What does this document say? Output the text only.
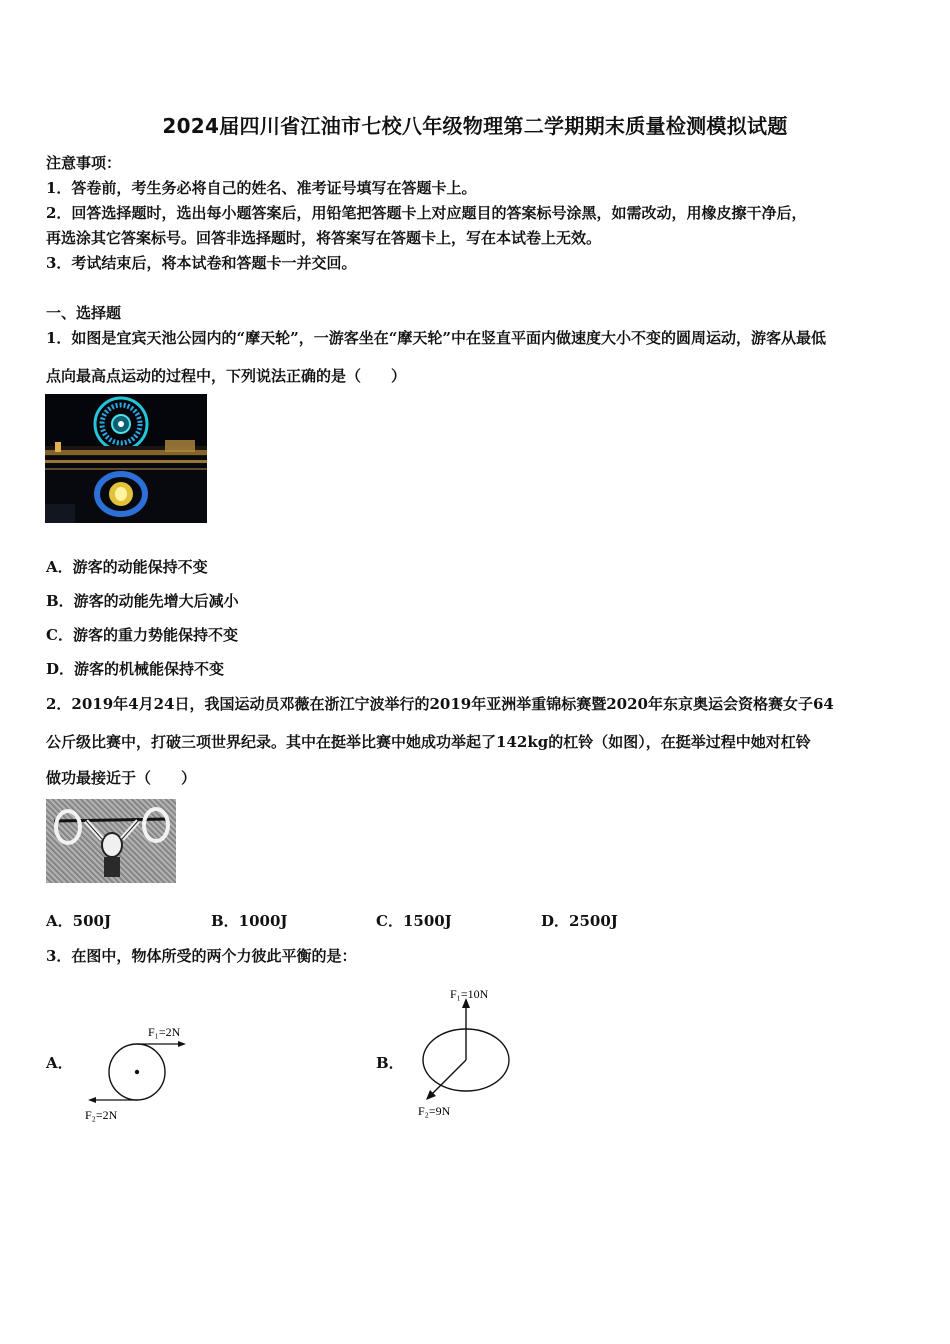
2024届四川省江油市七校八年级物理第二学期期末质量检测模拟试题
注意事项：
1．答卷前，考生务必将自己的姓名、准考证号填写在答题卡上。
2．回答选择题时，选出每小题答案后，用铅笔把答题卡上对应题目的答案标号涂黑，如需改动，用橡皮擦干净后，
再选涂其它答案标号。回答非选择题时，将答案写在答题卡上，写在本试卷上无效。
3．考试结束后，将本试卷和答题卡一并交回。
一、选择题
1．如图是宜宾天池公园内的“摩天轮”，一游客坐在“摩天轮”中在竖直平面内做速度大小不变的圆周运动，游客从最低
点向最高点运动的过程中，下列说法正确的是（　　）
A．游客的动能保持不变
B．游客的动能先增大后减小
C．游客的重力势能保持不变
D．游客的机械能保持不变
2．2019年4月24日，我国运动员邓薇在浙江宁波举行的2019年亚洲举重锦标赛暨2020年东京奥运会资格赛女子64
公斤级比赛中，打破三项世界纪录。其中在挺举比赛中她成功举起了142kg的杠铃（如图），在挺举过程中她对杠铃
做功最接近于（　　）
A．500J	B．1000J	C．1500J	D．2500J
3．在图中，物体所受的两个力彼此平衡的是：
A．	B．
F₁=2N
F₂=2N
F₁=10N
F₂=9N
